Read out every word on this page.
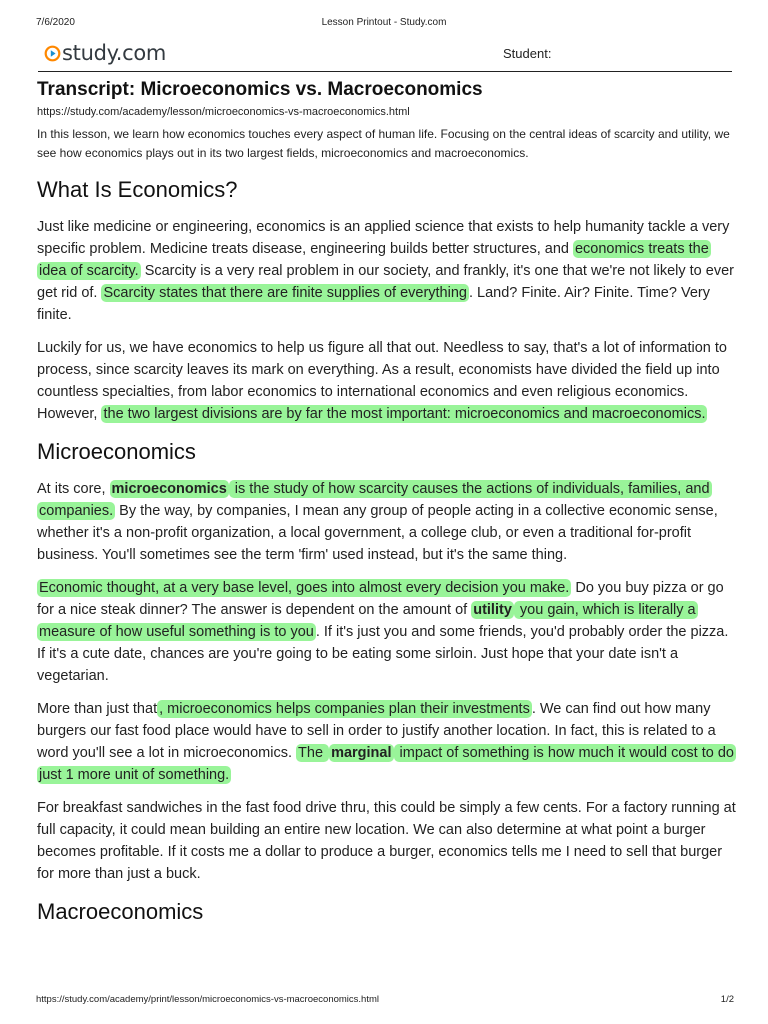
7/6/2020	Lesson Printout - Study.com
study.com	Student:
Transcript: Microeconomics vs. Macroeconomics
https://study.com/academy/lesson/microeconomics-vs-macroeconomics.html
In this lesson, we learn how economics touches every aspect of human life. Focusing on the central ideas of scarcity and utility, we see how economics plays out in its two largest fields, microeconomics and macroeconomics.
What Is Economics?

Just like medicine or engineering, economics is an applied science that exists to help humanity tackle a very specific problem. Medicine treats disease, engineering builds better structures, and economics treats the idea of scarcity. Scarcity is a very real problem in our society, and frankly, it's one that we're not likely to ever get rid of. Scarcity states that there are finite supplies of everything . Land? Finite. Air? Finite. Time? Very finite.

Luckily for us, we have economics to help us figure all that out. Needless to say, that's a lot of information to process, since scarcity leaves its mark on everything. As a result, economists have divided the field up into countless specialties, from labor economics to international economics and even religious economics. However, the two largest divisions are by far the most important: microeconomics and macroeconomics.

Microeconomics

At its core, microeconomics is the study of how scarcity causes the actions of individuals, families, and companies. By the way, by companies, I mean any group of people acting in a collective economic sense, whether it's a non-profit organization, a local government, a college club, or even a traditional for-profit business. You'll sometimes see the term 'firm' used instead, but it's the same thing.

Economic thought, at a very base level, goes into almost every decision you make. Do you buy pizza or go for a nice steak dinner? The answer is dependent on the amount of utility you gain, which is literally a measure of how useful something is to you . If it's just you and some friends, you'd probably order the pizza. If it's a cute date, chances are you're going to be eating some sirloin. Just hope that your date isn't a vegetarian.

More than just that , microeconomics helps companies plan their investments . We can find out how many burgers our fast food place would have to sell in order to justify another location. In fact, this is related to a word you'll see a lot in microeconomics. The marginal impact of something is how much it would cost to do just 1 more unit of something.

For breakfast sandwiches in the fast food drive thru, this could be simply a few cents. For a factory running at full capacity, it could mean building an entire new location. We can also determine at what point a burger becomes profitable. If it costs me a dollar to produce a burger, economics tells me I need to sell that burger for more than just a buck.

Macroeconomics
https://study.com/academy/print/lesson/microeconomics-vs-macroeconomics.html	1/2
